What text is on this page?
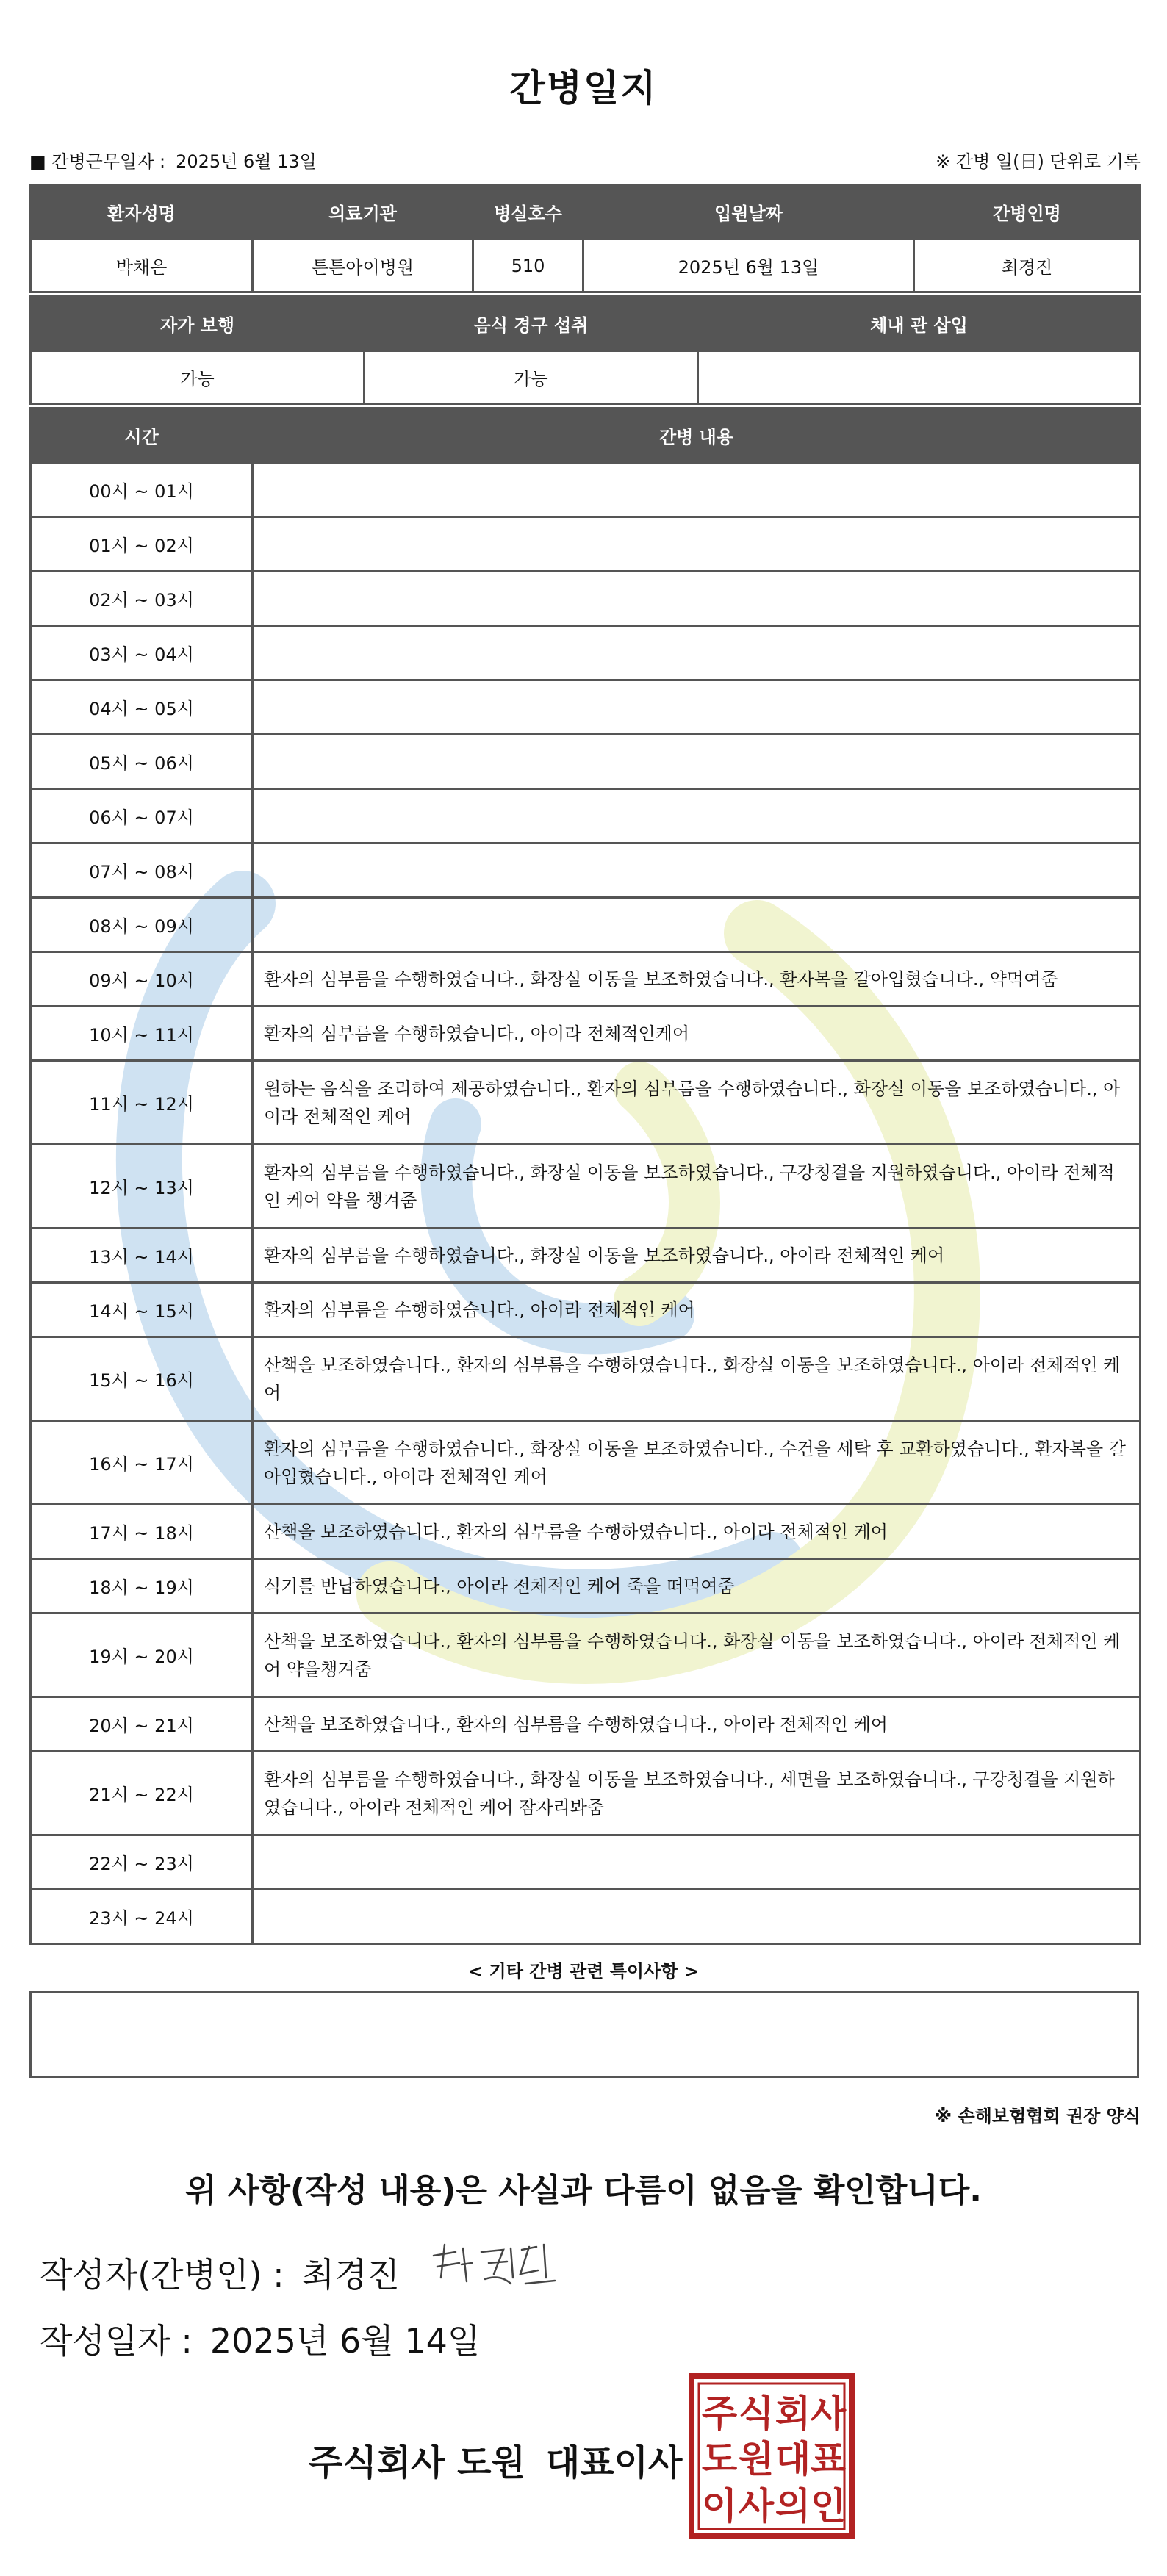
간병일지
■ 간병근무일자 : 2025년 6월 13일	※ 간병 일(日) 단위로 기록
환자성명	의료기관	병실호수	입원날짜	간병인명
박채은	튼튼아이병원	510	2025년 6월 13일	최경진
자가 보행	음식 경구 섭취	체내 관 삽입
가능	가능	
시간	간병 내용
00시 ~ 01시	
01시 ~ 02시	
02시 ~ 03시	
03시 ~ 04시	
04시 ~ 05시	
05시 ~ 06시	
06시 ~ 07시	
07시 ~ 08시	
08시 ~ 09시	
09시 ~ 10시	환자의 심부름을 수행하였습니다., 화장실 이동을 보조하였습니다., 환자복을 갈아입혔습니다., 약먹여줌
10시 ~ 11시	환자의 심부름을 수행하였습니다., 아이라 전체적인케어
11시 ~ 12시	원하는 음식을 조리하여 제공하였습니다., 환자의 심부름을 수행하였습니다., 화장실 이동을 보조하였습니다., 아이라 전체적인 케어
12시 ~ 13시	환자의 심부름을 수행하였습니다., 화장실 이동을 보조하였습니다., 구강청결을 지원하였습니다., 아이라 전체적인 케어 약을 챙겨줌
13시 ~ 14시	환자의 심부름을 수행하였습니다., 화장실 이동을 보조하였습니다., 아이라 전체적인 케어
14시 ~ 15시	환자의 심부름을 수행하였습니다., 아이라 전체적인 케어
15시 ~ 16시	산책을 보조하였습니다., 환자의 심부름을 수행하였습니다., 화장실 이동을 보조하였습니다., 아이라 전체적인 케어
16시 ~ 17시	환자의 심부름을 수행하였습니다., 화장실 이동을 보조하였습니다., 수건을 세탁 후 교환하였습니다., 환자복을 갈아입혔습니다., 아이라 전체적인 케어
17시 ~ 18시	산책을 보조하였습니다., 환자의 심부름을 수행하였습니다., 아이라 전체적인 케어
18시 ~ 19시	식기를 반납하였습니다., 아이라 전체적인 케어 죽을 떠먹여줌
19시 ~ 20시	산책을 보조하였습니다., 환자의 심부름을 수행하였습니다., 화장실 이동을 보조하였습니다., 아이라 전체적인 케어 약을챙겨줌
20시 ~ 21시	산책을 보조하였습니다., 환자의 심부름을 수행하였습니다., 아이라 전체적인 케어
21시 ~ 22시	환자의 심부름을 수행하였습니다., 화장실 이동을 보조하였습니다., 세면을 보조하였습니다., 구강청결을 지원하였습니다., 아이라 전체적인 케어 잠자리봐줌
22시 ~ 23시	
23시 ~ 24시	
< 기타 간병 관련 특이사항 >
※ 손해보험협회 권장 양식
위 사항(작성 내용)은 사실과 다름이 없음을 확인합니다.
작성자(간병인) : 최경진
작성일자 : 2025년 6월 14일
주식회사 도원 대표이사
주 식 회 사
도 원 대 표
이 사 의 인
